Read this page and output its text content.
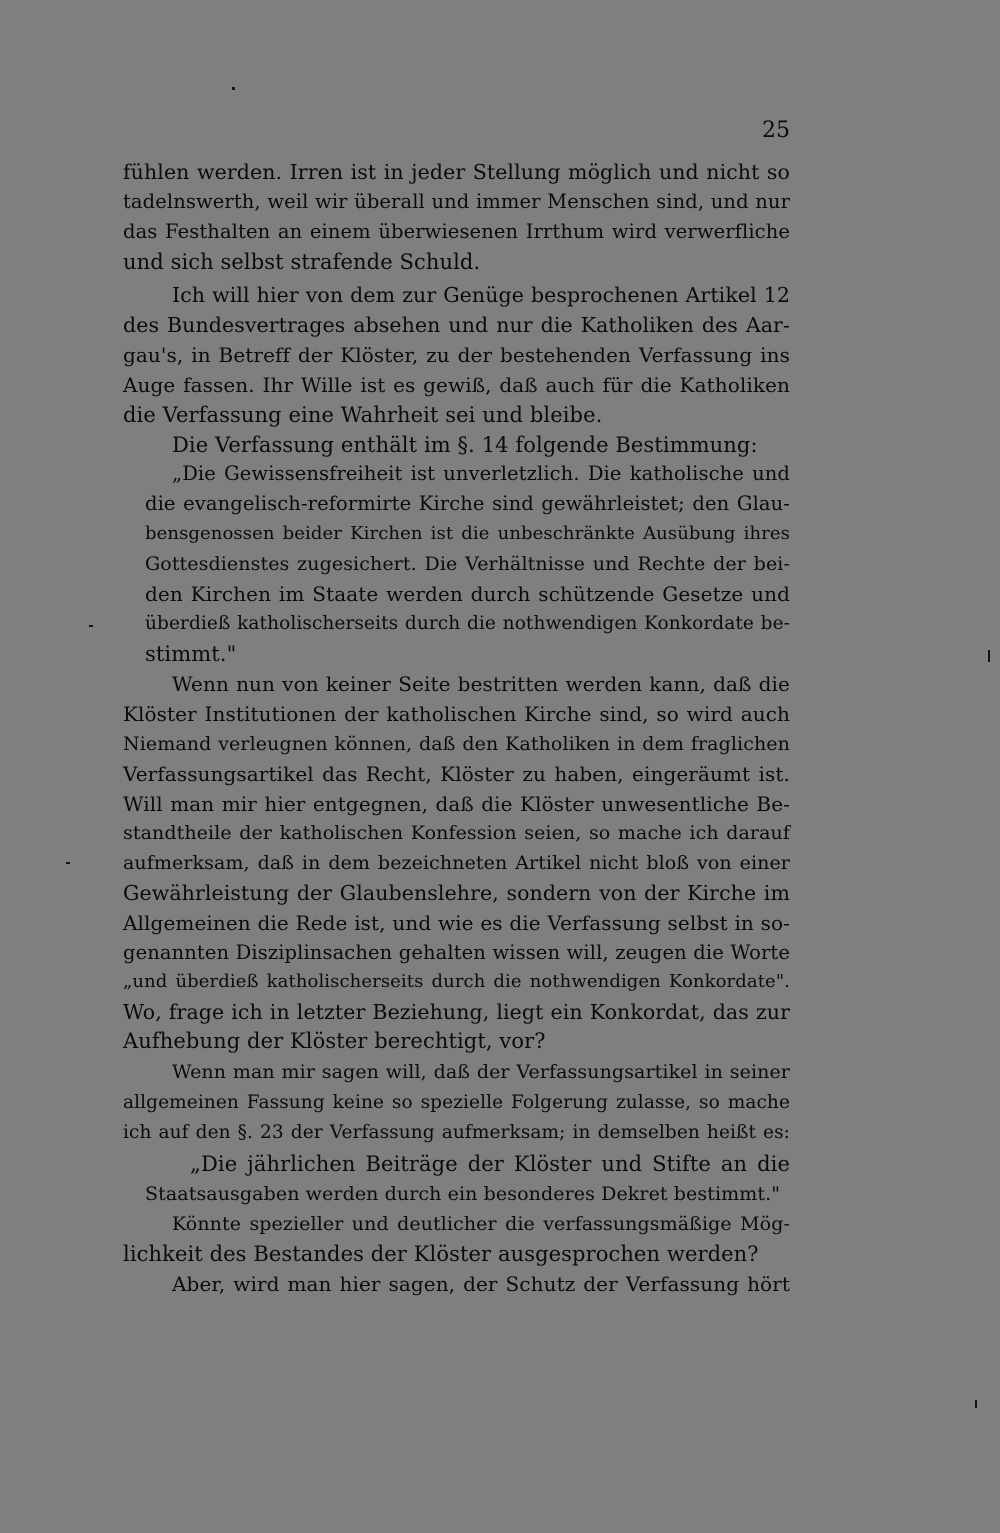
25
fühlen werden. Irren ist in jeder Stellung möglich und nicht so
tadelnswerth, weil wir überall und immer Menschen sind, und nur
das Festhalten an einem überwiesenen Irrthum wird verwerfliche
und sich selbst strafende Schuld.
Ich will hier von dem zur Genüge besprochenen Artikel 12
des Bundesvertrages absehen und nur die Katholiken des Aar-
gau's, in Betreff der Klöster, zu der bestehenden Verfassung ins
Auge fassen. Ihr Wille ist es gewiß, daß auch für die Katholiken
die Verfassung eine Wahrheit sei und bleibe.
Die Verfassung enthält im §. 14 folgende Bestimmung:
„Die Gewissensfreiheit ist unverletzlich. Die katholische und
die evangelisch-reformirte Kirche sind gewährleistet; den Glau-
bensgenossen beider Kirchen ist die unbeschränkte Ausübung ihres
Gottesdienstes zugesichert. Die Verhältnisse und Rechte der bei-
den Kirchen im Staate werden durch schützende Gesetze und
überdieß katholischerseits durch die nothwendigen Konkordate be-
stimmt."
Wenn nun von keiner Seite bestritten werden kann, daß die
Klöster Institutionen der katholischen Kirche sind, so wird auch
Niemand verleugnen können, daß den Katholiken in dem fraglichen
Verfassungsartikel das Recht, Klöster zu haben, eingeräumt ist.
Will man mir hier entgegnen, daß die Klöster unwesentliche Be-
standtheile der katholischen Konfession seien, so mache ich darauf
aufmerksam, daß in dem bezeichneten Artikel nicht bloß von einer
Gewährleistung der Glaubenslehre, sondern von der Kirche im
Allgemeinen die Rede ist, und wie es die Verfassung selbst in so-
genannten Disziplinsachen gehalten wissen will, zeugen die Worte
„und überdieß katholischerseits durch die nothwendigen Konkordate".
Wo, frage ich in letzter Beziehung, liegt ein Konkordat, das zur
Aufhebung der Klöster berechtigt, vor?
Wenn man mir sagen will, daß der Verfassungsartikel in seiner
allgemeinen Fassung keine so spezielle Folgerung zulasse, so mache
ich auf den §. 23 der Verfassung aufmerksam; in demselben heißt es:
„Die jährlichen Beiträge der Klöster und Stifte an die
Staatsausgaben werden durch ein besonderes Dekret bestimmt."
Könnte spezieller und deutlicher die verfassungsmäßige Mög-
lichkeit des Bestandes der Klöster ausgesprochen werden?
Aber, wird man hier sagen, der Schutz der Verfassung hört
